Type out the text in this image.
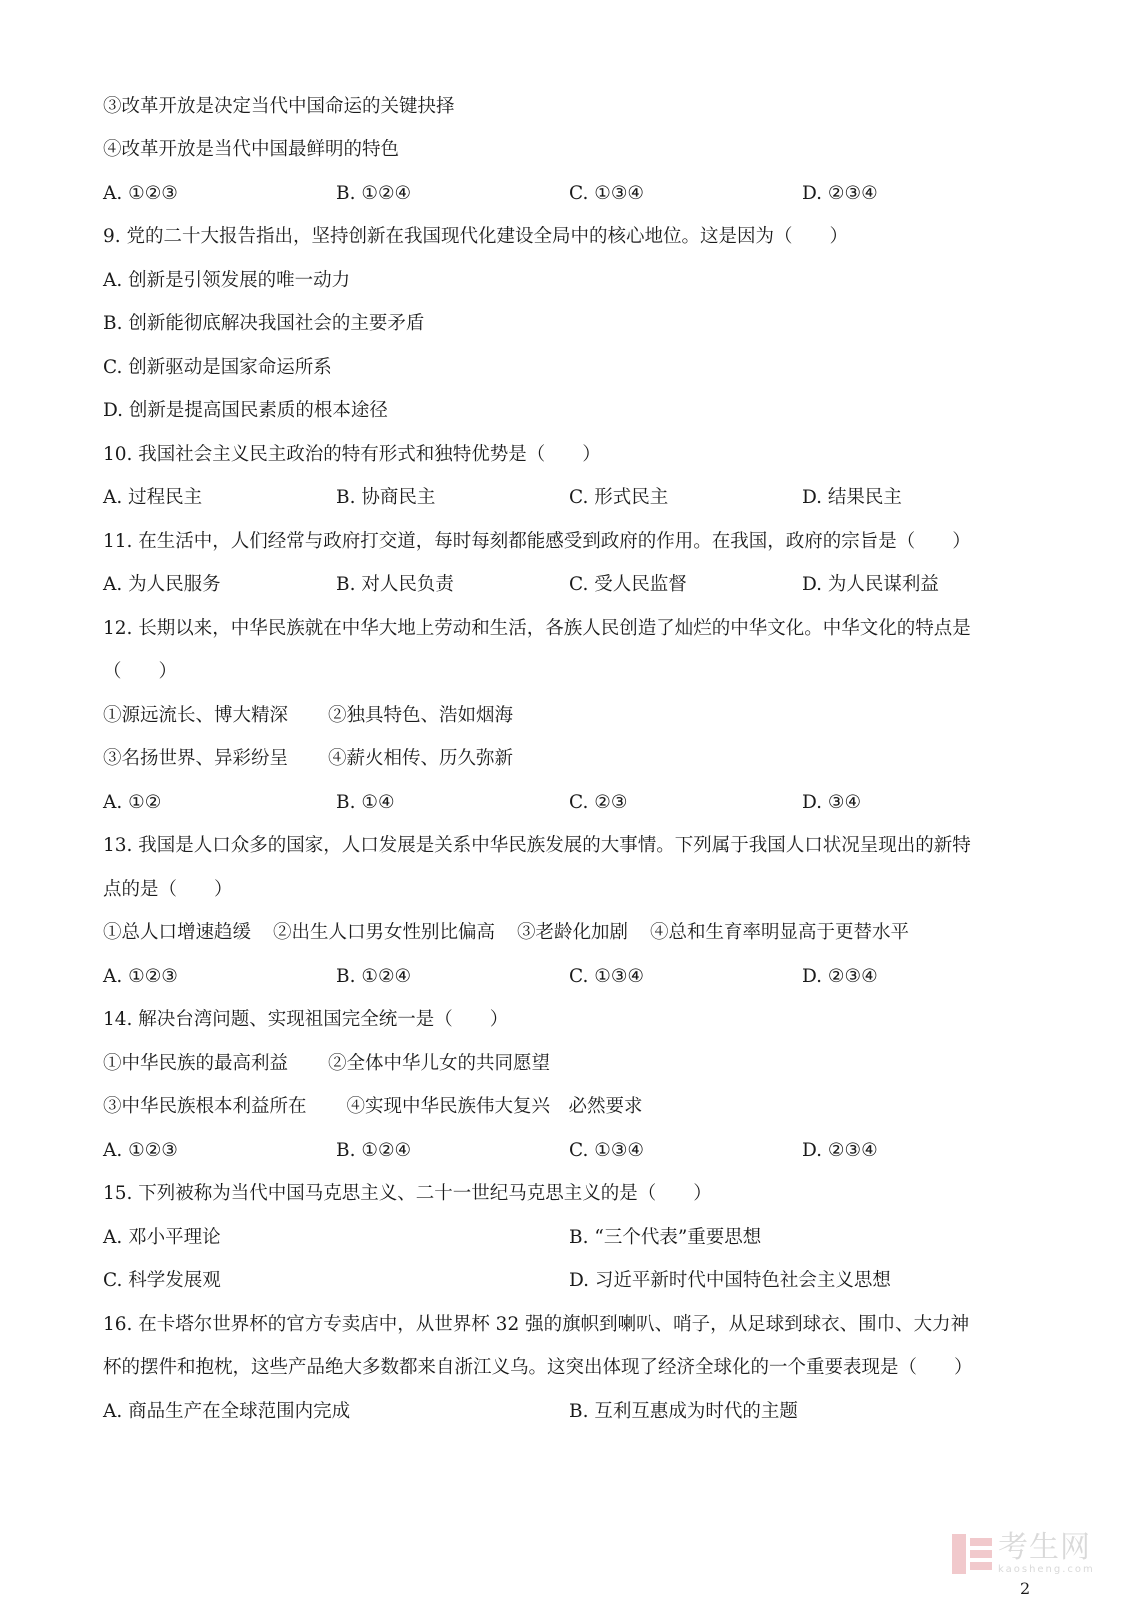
③改革开放是决定当代中国命运的关键抉择
④改革开放是当代中国最鲜明的特色
A. ①②③	B. ①②④	C. ①③④	D. ②③④
9. 党的二十大报告指出，坚持创新在我国现代化建设全局中的核心地位。这是因为（　　）
A. 创新是引领发展的唯一动力
B. 创新能彻底解决我国社会的主要矛盾
C. 创新驱动是国家命运所系
D. 创新是提高国民素质的根本途径
10. 我国社会主义民主政治的特有形式和独特优势是（　　）
A. 过程民主	B. 协商民主	C. 形式民主	D. 结果民主
11. 在生活中，人们经常与政府打交道，每时每刻都能感受到政府的作用。在我国，政府的宗旨是（　　）
A. 为人民服务	B. 对人民负责	C. 受人民监督	D. 为人民谋利益
12. 长期以来，中华民族就在中华大地上劳动和生活，各族人民创造了灿烂的中华文化。中华文化的特点是
（　　）
①源远流长、博大精深 ②独具特色、浩如烟海
③名扬世界、异彩纷呈 ④薪火相传、历久弥新
A. ①②	B. ①④	C. ②③	D. ③④
13. 我国是人口众多的国家，人口发展是关系中华民族发展的大事情。下列属于我国人口状况呈现出的新特
点的是（　　）
①总人口增速趋缓 ②出生人口男女性别比偏高 ③老龄化加剧 ④总和生育率明显高于更替水平
A. ①②③	B. ①②④	C. ①③④	D. ②③④
14. 解决台湾问题、实现祖国完全统一是（　　）
①中华民族的最高利益 ②全体中华儿女的共同愿望
③中华民族根本利益所在 ④实现中华民族伟大复兴　必然要求
A. ①②③	B. ①②④	C. ①③④	D. ②③④
15. 下列被称为当代中国马克思主义、二十一世纪马克思主义的是（　　）
A. 邓小平理论	B. “三个代表”重要思想
C. 科学发展观	D. 习近平新时代中国特色社会主义思想
16. 在卡塔尔世界杯的官方专卖店中，从世界杯 32 强的旗帜到喇叭、哨子，从足球到球衣、围巾、大力神
杯的摆件和抱枕，这些产品绝大多数都来自浙江义乌。这突出体现了经济全球化的一个重要表现是（　　）
A. 商品生产在全球范围内完成	B. 互利互惠成为时代的主题
考生网
kaosheng.com
2
